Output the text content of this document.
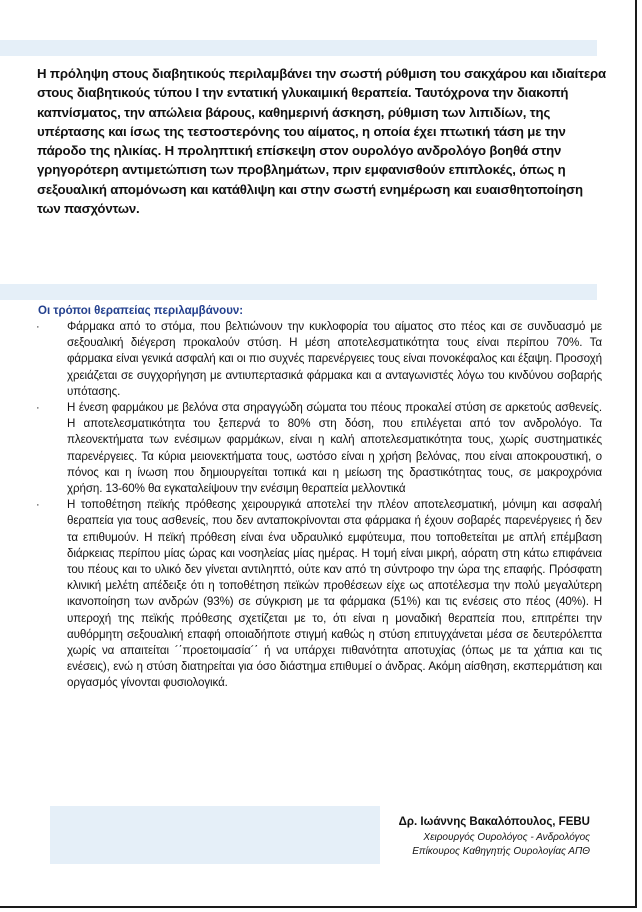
Η πρόληψη στους διαβητικούς περιλαμβάνει την σωστή ρύθμιση του σακχάρου και ιδιαίτερα στους διαβητικούς τύπου Ι την εντατική γλυκαιμική θεραπεία. Ταυτόχρονα την διακοπή καπνίσματος, την απώλεια βάρους, καθημερινή άσκηση, ρύθμιση των λιπιδίων, της υπέρτασης και ίσως της τεστοστερόνης του αίματος, η οποία έχει πτωτική τάση με την πάροδο της ηλικίας. Η προληπτική επίσκεψη στον ουρολόγο ανδρολόγο βοηθά στην γρηγορότερη αντιμετώπιση των προβλημάτων, πριν εμφανισθούν επιπλοκές, όπως η σεξουαλική απομόνωση και κατάθλιψη και στην σωστή ενημέρωση και ευαισθητοποίηση των πασχόντων.

Οι τρόποι θεραπείας περιλαμβάνουν:
· Φάρμακα από το στόμα, που βελτιώνουν την κυκλοφορία του αίματος στο πέος και σε συνδυασμό με σεξουαλική διέγερση προκαλούν στύση. Η μέση αποτελεσματικότητα τους είναι περίπου 70%. Τα φάρμακα είναι γενικά ασφαλή και οι πιο συχνές παρενέργειες τους είναι πονοκέφαλος και έξαψη. Προσοχή χρειάζεται σε συγχορήγηση με αντιυπερτασικά φάρμακα και α ανταγωνιστές λόγω του κινδύνου σοβαρής υπότασης.
· Η ένεση φαρμάκου με βελόνα στα σηραγγώδη σώματα του πέους προκαλεί στύση σε αρκετούς ασθενείς. Η αποτελεσματικότητα του ξεπερνά το 80% στη δόση, που επιλέγεται από τον ανδρολόγο. Τα πλεονεκτήματα των ενέσιμων φαρμάκων, είναι η καλή αποτελεσματικότητα τους, χωρίς συστηματικές παρενέργειες. Τα κύρια μειονεκτήματα τους, ωστόσο είναι η χρήση βελόνας, που είναι αποκρουστική, ο πόνος και η ίνωση που δημιουργείται τοπικά και η μείωση της δραστικότητας τους, σε μακροχρόνια χρήση. 13-60% θα εγκαταλείψουν την ενέσιμη θεραπεία μελλοντικά
· Η τοποθέτηση πεϊκής πρόθεσης χειρουργικά αποτελεί την πλέον αποτελεσματική, μόνιμη και ασφαλή θεραπεία για τους ασθενείς, που δεν ανταποκρίνονται στα φάρμακα ή έχουν σοβαρές παρενέργειες ή δεν τα επιθυμούν. Η πεϊκή πρόθεση είναι ένα υδραυλικό εμφύτευμα, που τοποθετείται με απλή επέμβαση διάρκειας περίπου μίας ώρας και νοσηλείας μίας ημέρας. Η τομή είναι μικρή, αόρατη στη κάτω επιφάνεια του πέους και το υλικό δεν γίνεται αντιληπτό, ούτε καν από τη σύντροφο την ώρα της επαφής. Πρόσφατη κλινική μελέτη απέδειξε ότι η τοποθέτηση πεϊκών προθέσεων είχε ως αποτέλεσμα την πολύ μεγαλύτερη ικανοποίηση των ανδρών (93%) σε σύγκριση με τα φάρμακα (51%) και τις ενέσεις στο πέος (40%). Η υπεροχή της πεϊκής πρόθεσης σχετίζεται με το, ότι είναι η μοναδική θεραπεία που, επιτρέπει την αυθόρμητη σεξουαλική επαφή οποιαδήποτε στιγμή καθώς η στύση επιτυγχάνεται μέσα σε δευτερόλεπτα χωρίς να απαιτείται ´΄προετοιμασία´΄ ή να υπάρχει πιθανότητα αποτυχίας (όπως με τα χάπια και τις ενέσεις), ενώ η στύση διατηρείται για όσο διάστημα επιθυμεί ο άνδρας. Ακόμη αίσθηση, εκσπερμάτιση και οργασμός γίνονται φυσιολογικά.
Δρ. Ιωάννης Βακαλόπουλος, FEBU
Χειρουργός Ουρολόγος - Ανδρολόγος
Επίκουρος Καθηγητής Ουρολογίας ΑΠΘ
